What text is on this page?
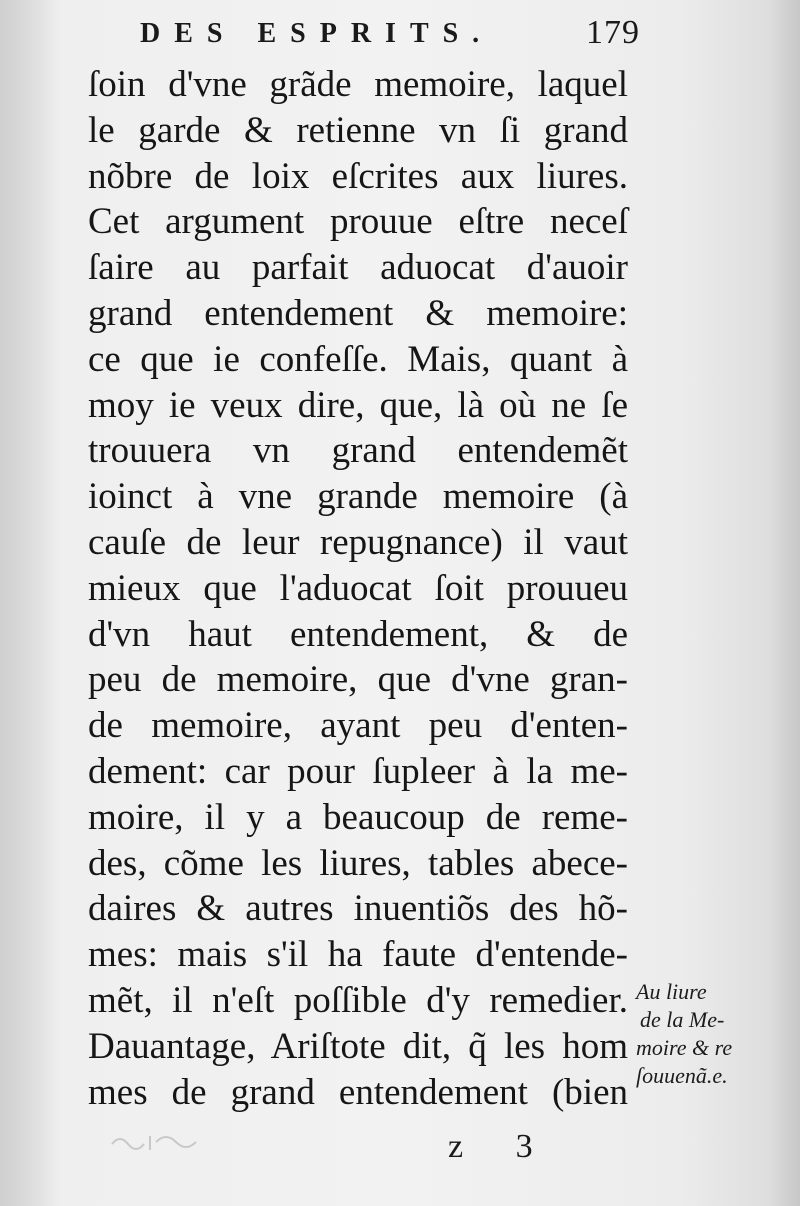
DES ESPRITS.	179
ſoin d'vne grãde memoire, laquel
le garde & retienne vn ſi grand
nõbre de loix eſcrites aux liures.
Cet argument prouue eſtre neceſ
ſaire au parfait aduocat d'auoir
grand entendement & memoire:
ce que ie confeſſe. Mais, quant à
moy ie veux dire, que, là où ne ſe
trouuera vn grand entendemẽt
ioinct à vne grande memoire (à
cauſe de leur repugnance) il vaut
mieux que l'aduocat ſoit prouueu
d'vn haut entendement, & de
peu de memoire, que d'vne gran-
de memoire, ayant peu d'enten-
dement: car pour ſupleer à la me-
moire, il y a beaucoup de reme-
des, cõme les liures, tables abece-
daires & autres inuentiõs des hõ-
mes: mais s'il ha faute d'entende-
mẽt, il n'eſt poſſible d'y remedier.
Dauantage, Ariſtote dit, q̃ les hom
mes de grand entendement (bien
Au liure
de la Me-
moire & re
ſouuenã.e.
z 3
